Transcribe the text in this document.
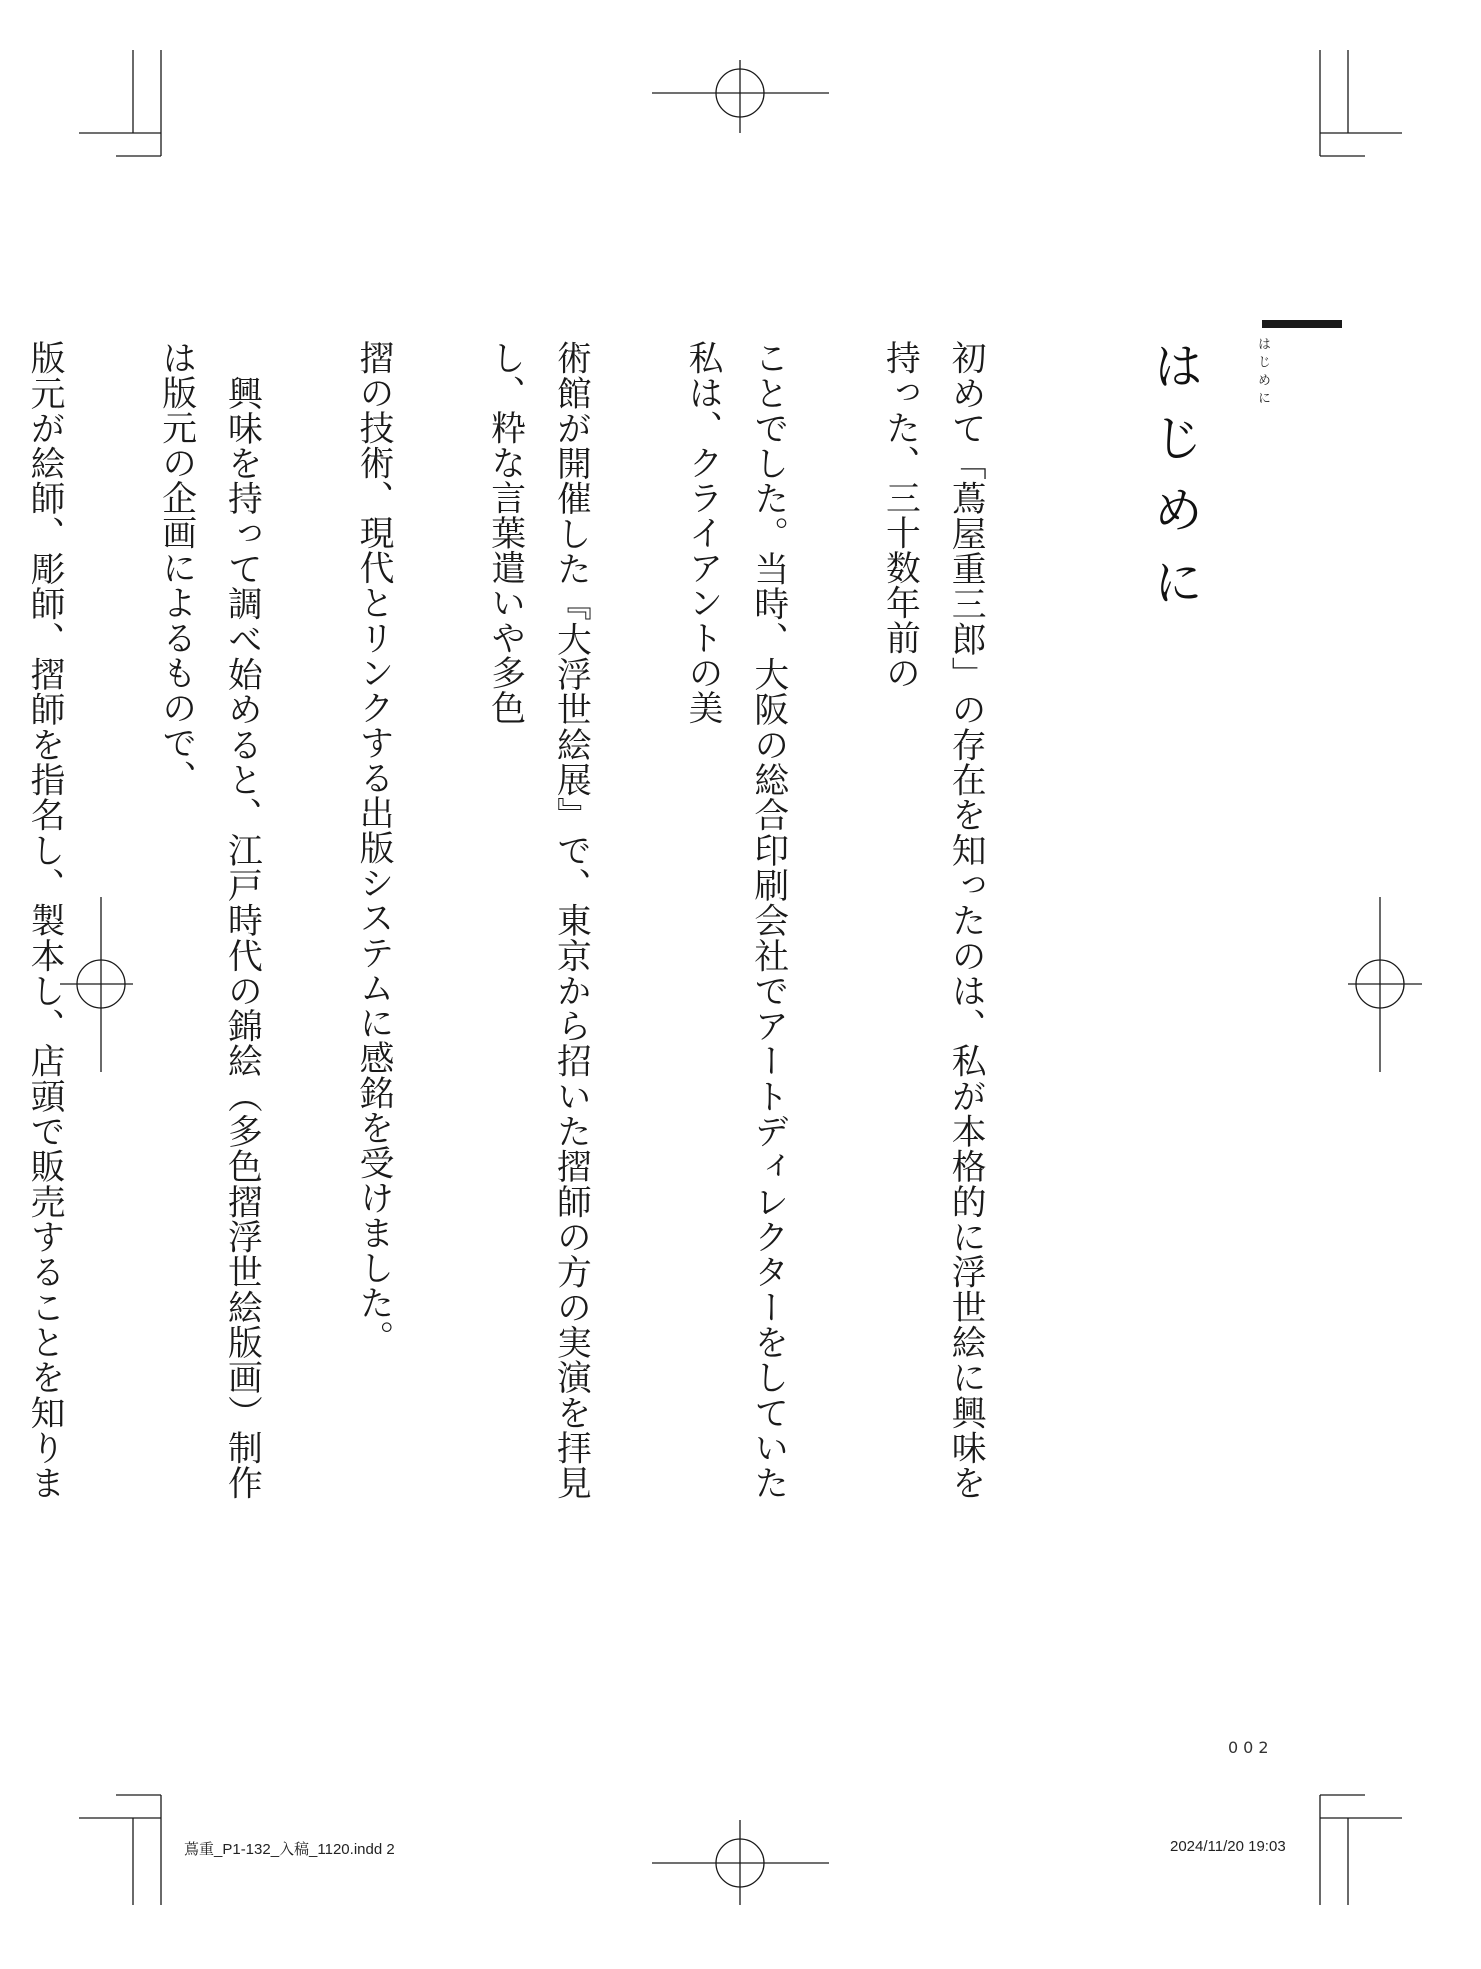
はじめに
はじめに

初めて「蔦屋重三郎」の存在を知ったのは、私が本格的に浮世絵に興味を持った、三十数年前の

ことでした。当時、大阪の総合印刷会社でアートディレクターをしていた私は、クライアントの美

術館が開催した『大浮世絵展』で、東京から招いた摺師の方の実演を拝見し、粋な言葉遣いや多色

摺の技術、現代とリンクする出版システムに感銘を受けました。

　興味を持って調べ始めると、江戸時代の錦絵（多色摺浮世絵版画）制作は版元の企画によるもので、

版元が絵師、彫師、摺師を指名し、製本し、店頭で販売することを知りま

002
蔦重_P1-132_入稿_1120.indd 2	2024/11/20 19:03
